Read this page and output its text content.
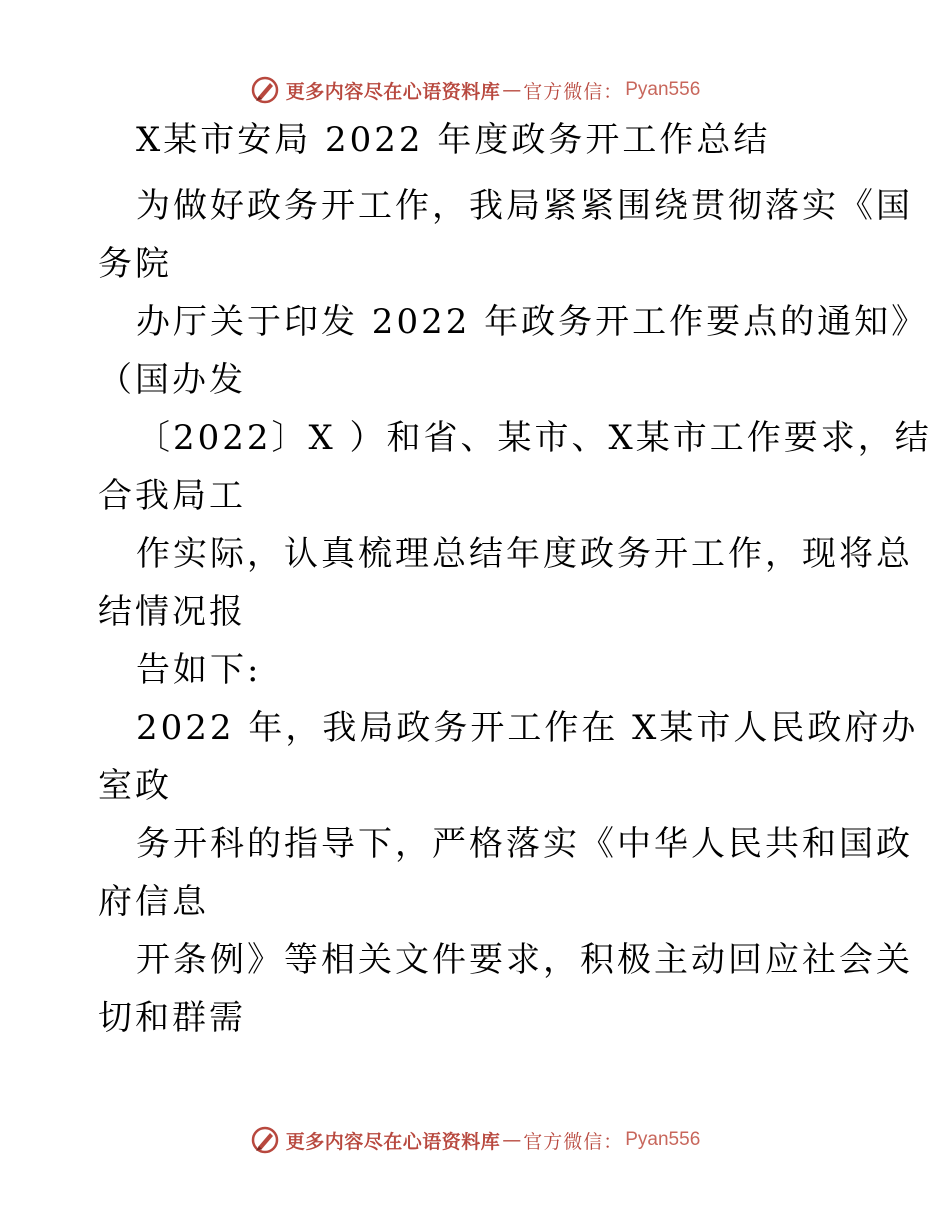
更多内容尽在心语资料库 — 官方微信： Pyan556
X某市安局 2022 年度政务开工作总结
为做好政务开工作，我局紧紧围绕贯彻落实《国
务院
办厅关于印发 2022 年政务开工作要点的通知》
（国办发
〔2022〕X ）和省、某市、X某市工作要求，结
合我局工
作实际，认真梳理总结年度政务开工作，现将总
结情况报
告如下:
2022 年，我局政务开工作在 X某市人民政府办
室政
务开科的指导下，严格落实《中华人民共和国政
府信息
开条例》等相关文件要求，积极主动回应社会关
切和群需
更多内容尽在心语资料库 — 官方微信： Pyan556
